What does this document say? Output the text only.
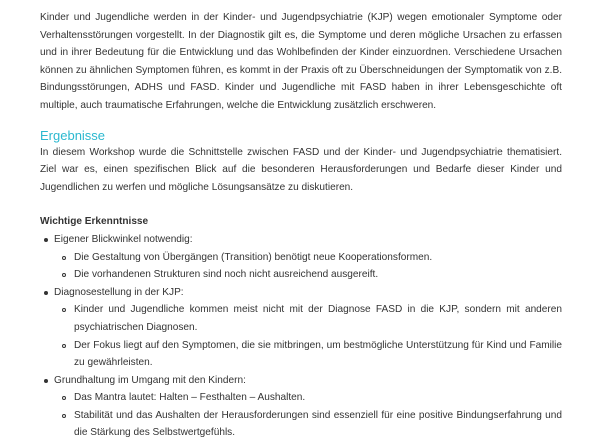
Kinder und Jugendliche werden in der Kinder- und Jugendpsychiatrie (KJP) wegen emotionaler Symptome oder Verhaltensstörungen vorgestellt. In der Diagnostik gilt es, die Symptome und deren mögliche Ursachen zu erfassen und in ihrer Bedeutung für die Entwicklung und das Wohlbefinden der Kinder einzuordnen. Verschiedene Ursachen können zu ähnlichen Symptomen führen, es kommt in der Praxis oft zu Überschneidungen der Symptomatik von z.B. Bindungsstörungen, ADHS und FASD. Kinder und Jugendliche mit FASD haben in ihrer Lebensgeschichte oft multiple, auch traumatische Erfahrungen, welche die Entwicklung zusätzlich erschweren.

Ergebnisse

In diesem Workshop wurde die Schnittstelle zwischen FASD und der Kinder- und Jugendpsychiatrie thematisiert. Ziel war es, einen spezifischen Blick auf die besonderen Herausforderungen und Bedarfe dieser Kinder und Jugendlichen zu werfen und mögliche Lösungsansätze zu diskutieren.

Wichtige Erkenntnisse
Eigener Blickwinkel notwendig:
Die Gestaltung von Übergängen (Transition) benötigt neue Kooperationsformen.
Die vorhandenen Strukturen sind noch nicht ausreichend ausgereift.
Diagnosestellung in der KJP:
Kinder und Jugendliche kommen meist nicht mit der Diagnose FASD in die KJP, sondern mit anderen psychiatrischen Diagnosen.
Der Fokus liegt auf den Symptomen, die sie mitbringen, um bestmögliche Unterstützung für Kind und Familie zu gewährleisten.
Grundhaltung im Umgang mit den Kindern:
Das Mantra lautet: Halten – Festhalten – Aushalten.
Stabilität und das Aushalten der Herausforderungen sind essenziell für eine positive Bindungserfahrung und die Stärkung des Selbstwertgefühls.
